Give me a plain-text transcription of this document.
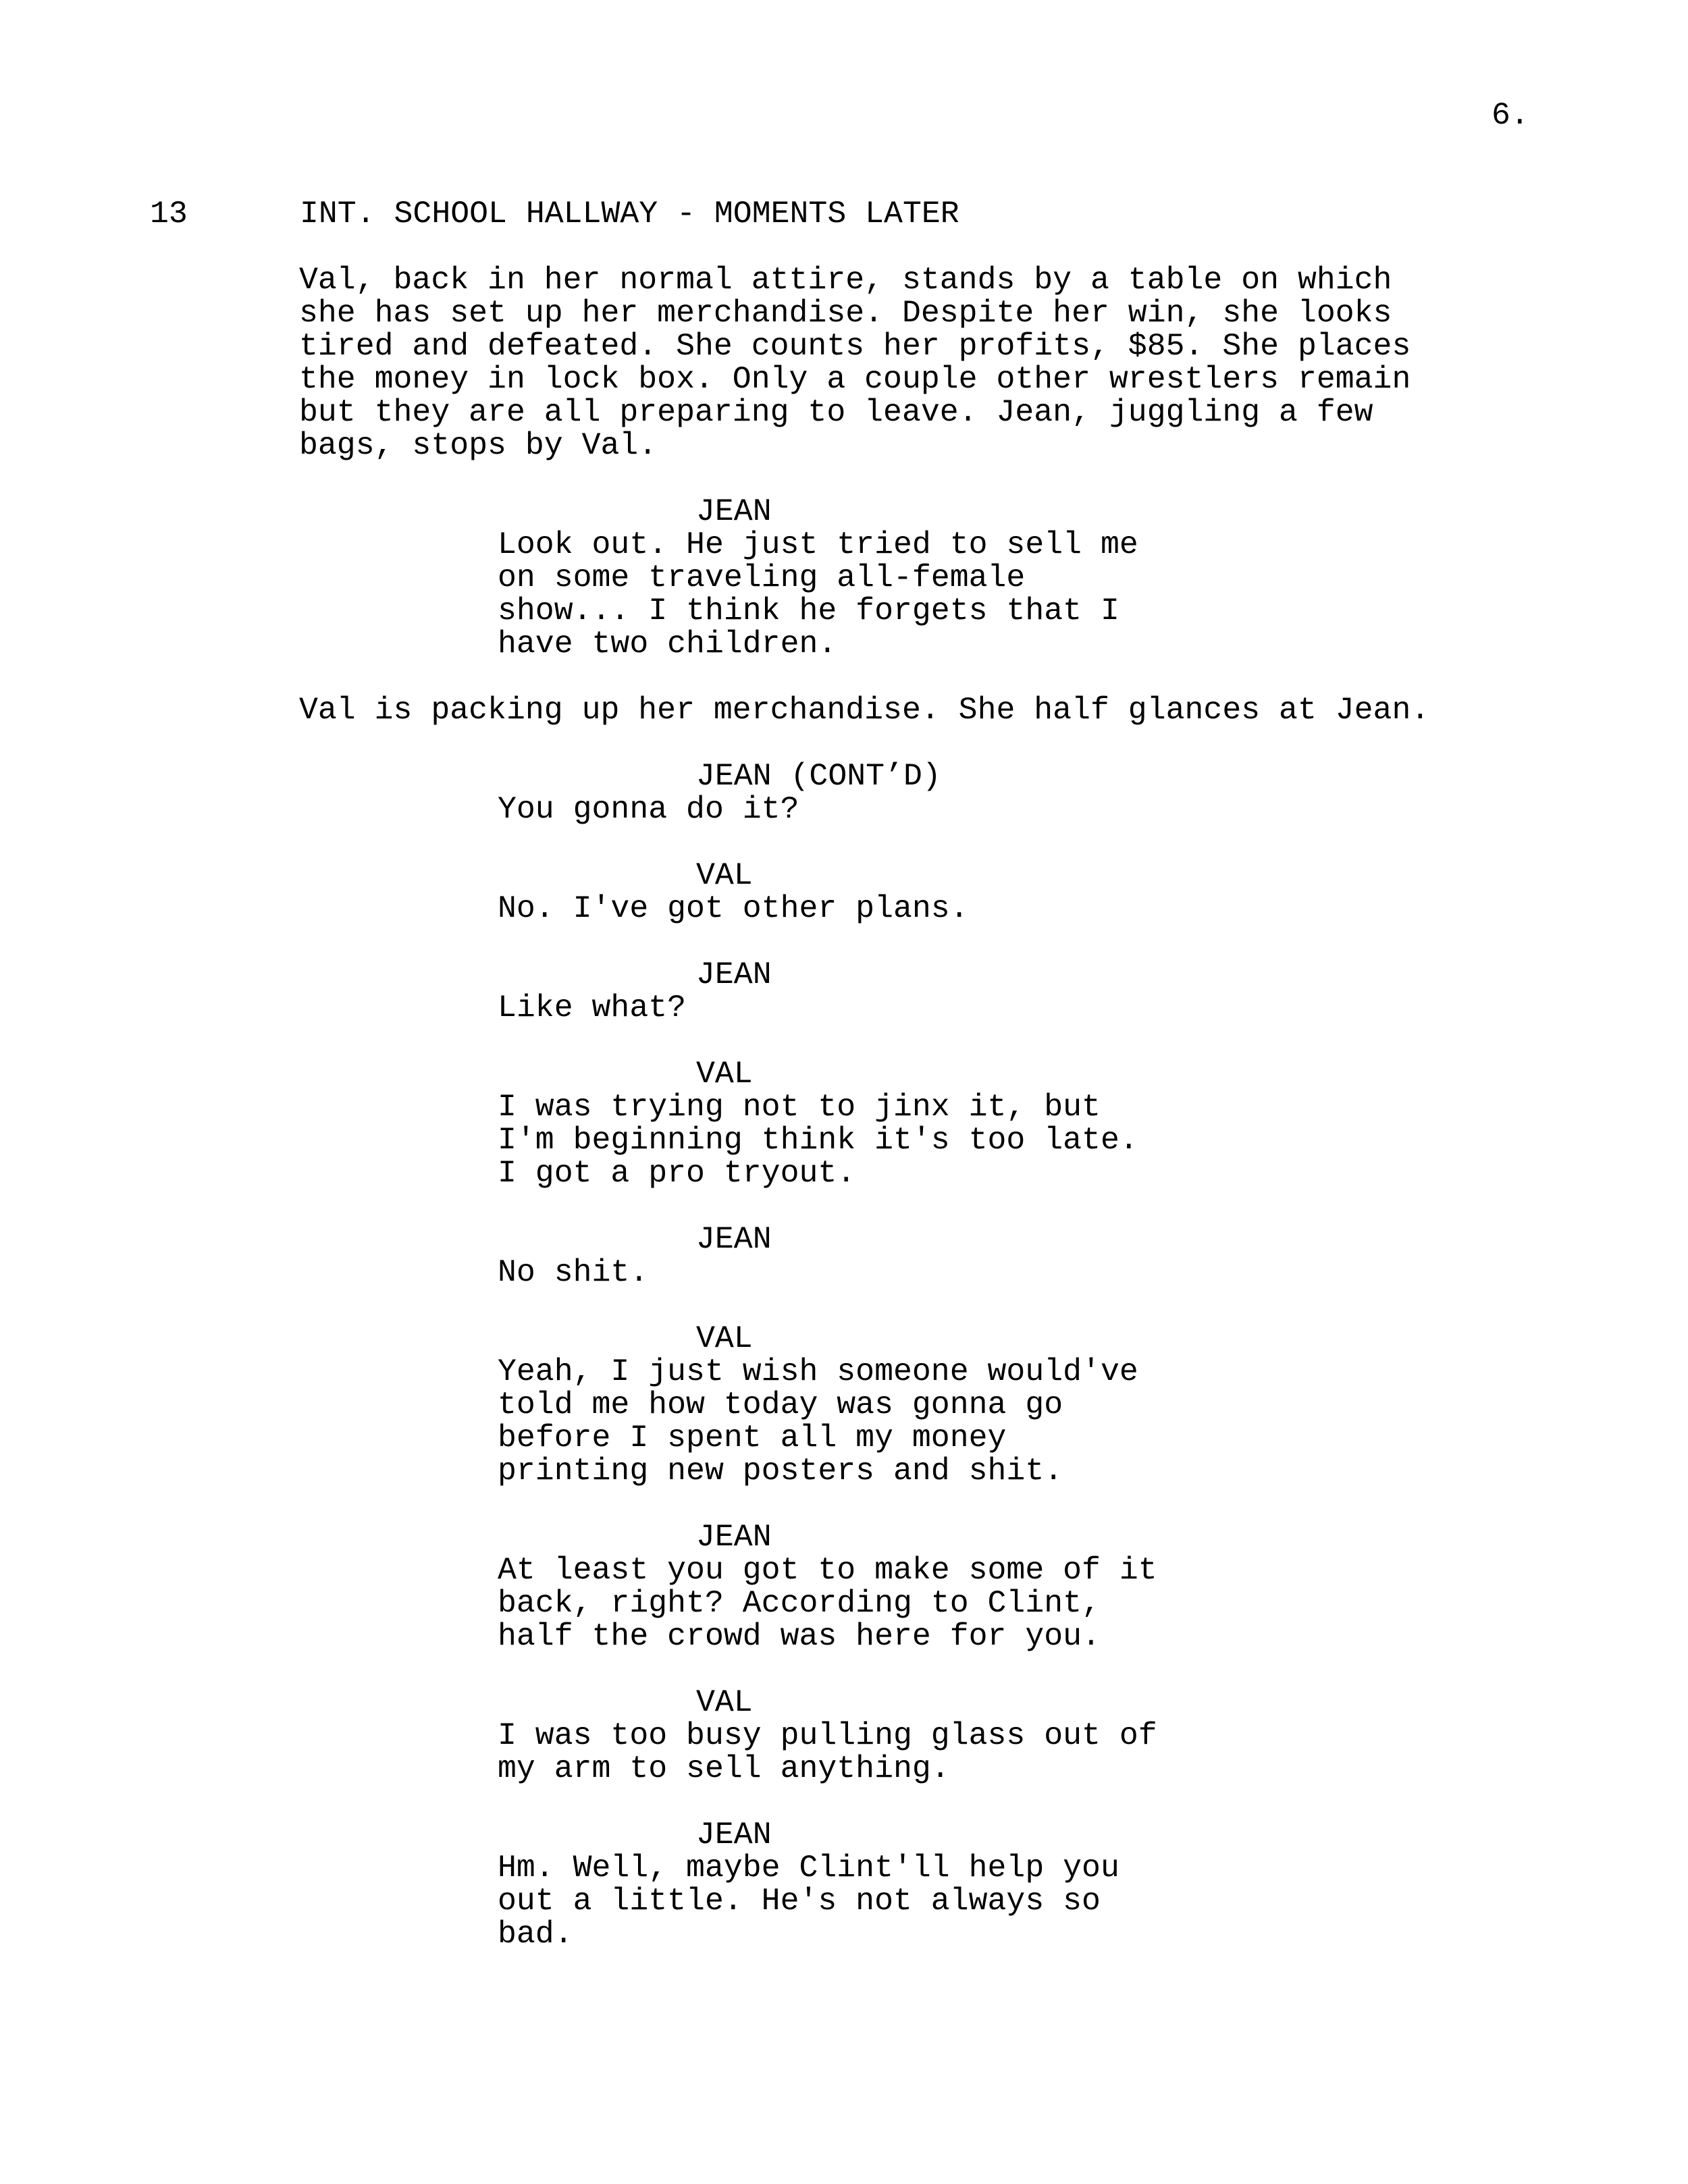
6.

13

	INT. SCHOOL HALLWAY - MOMENTS LATER

Val, back in her normal attire, stands by a table on which
she has set up her merchandise. Despite her win, she looks
tired and defeated. She counts her profits, $85. She places
the money in lock box. Only a couple other wrestlers remain
but they are all preparing to leave. Jean, juggling a few
bags, stops by Val.
JEAN
Look out. He just tried to sell me
on some traveling all-female
show... I think he forgets that I
have two children.
Val is packing up her merchandise. She half glances at Jean.
JEAN (CONT’D)
You gonna do it?
VAL
No. I've got other plans.
JEAN
Like what?
VAL
I was trying not to jinx it, but
I'm beginning think it's too late.
I got a pro tryout.
JEAN
No shit.
VAL
Yeah, I just wish someone would've
told me how today was gonna go
before I spent all my money
printing new posters and shit.
JEAN
At least you got to make some of it
back, right? According to Clint,
half the crowd was here for you.
VAL
I was too busy pulling glass out of
my arm to sell anything.
JEAN
Hm. Well, maybe Clint'll help you
out a little. He's not always so
bad.
